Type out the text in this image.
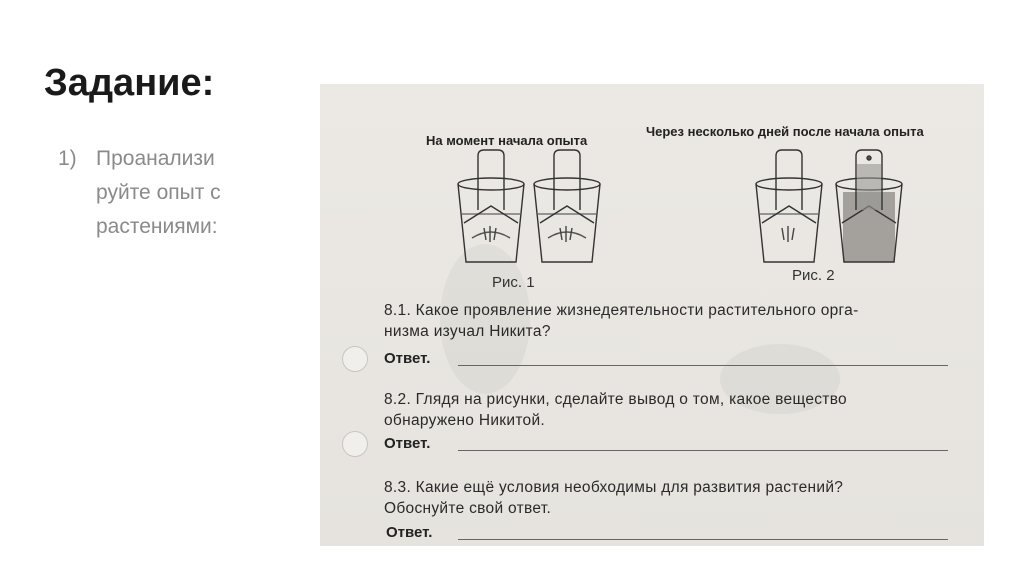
Задание:
1) Проанализи
руйте опыт с
растениями:
На момент начала опыта
Через несколько дней после начала опыта
Рис. 1	Рис. 2
8.1. Какое проявление жизнедеятельности растительного орга-
низма изучал Никита?
Ответ.
8.2. Глядя на рисунки, сделайте вывод о том, какое вещество
обнаружено Никитой.
Ответ.
8.3. Какие ещё условия необходимы для развития растений?
Обоснуйте свой ответ.
Ответ.
